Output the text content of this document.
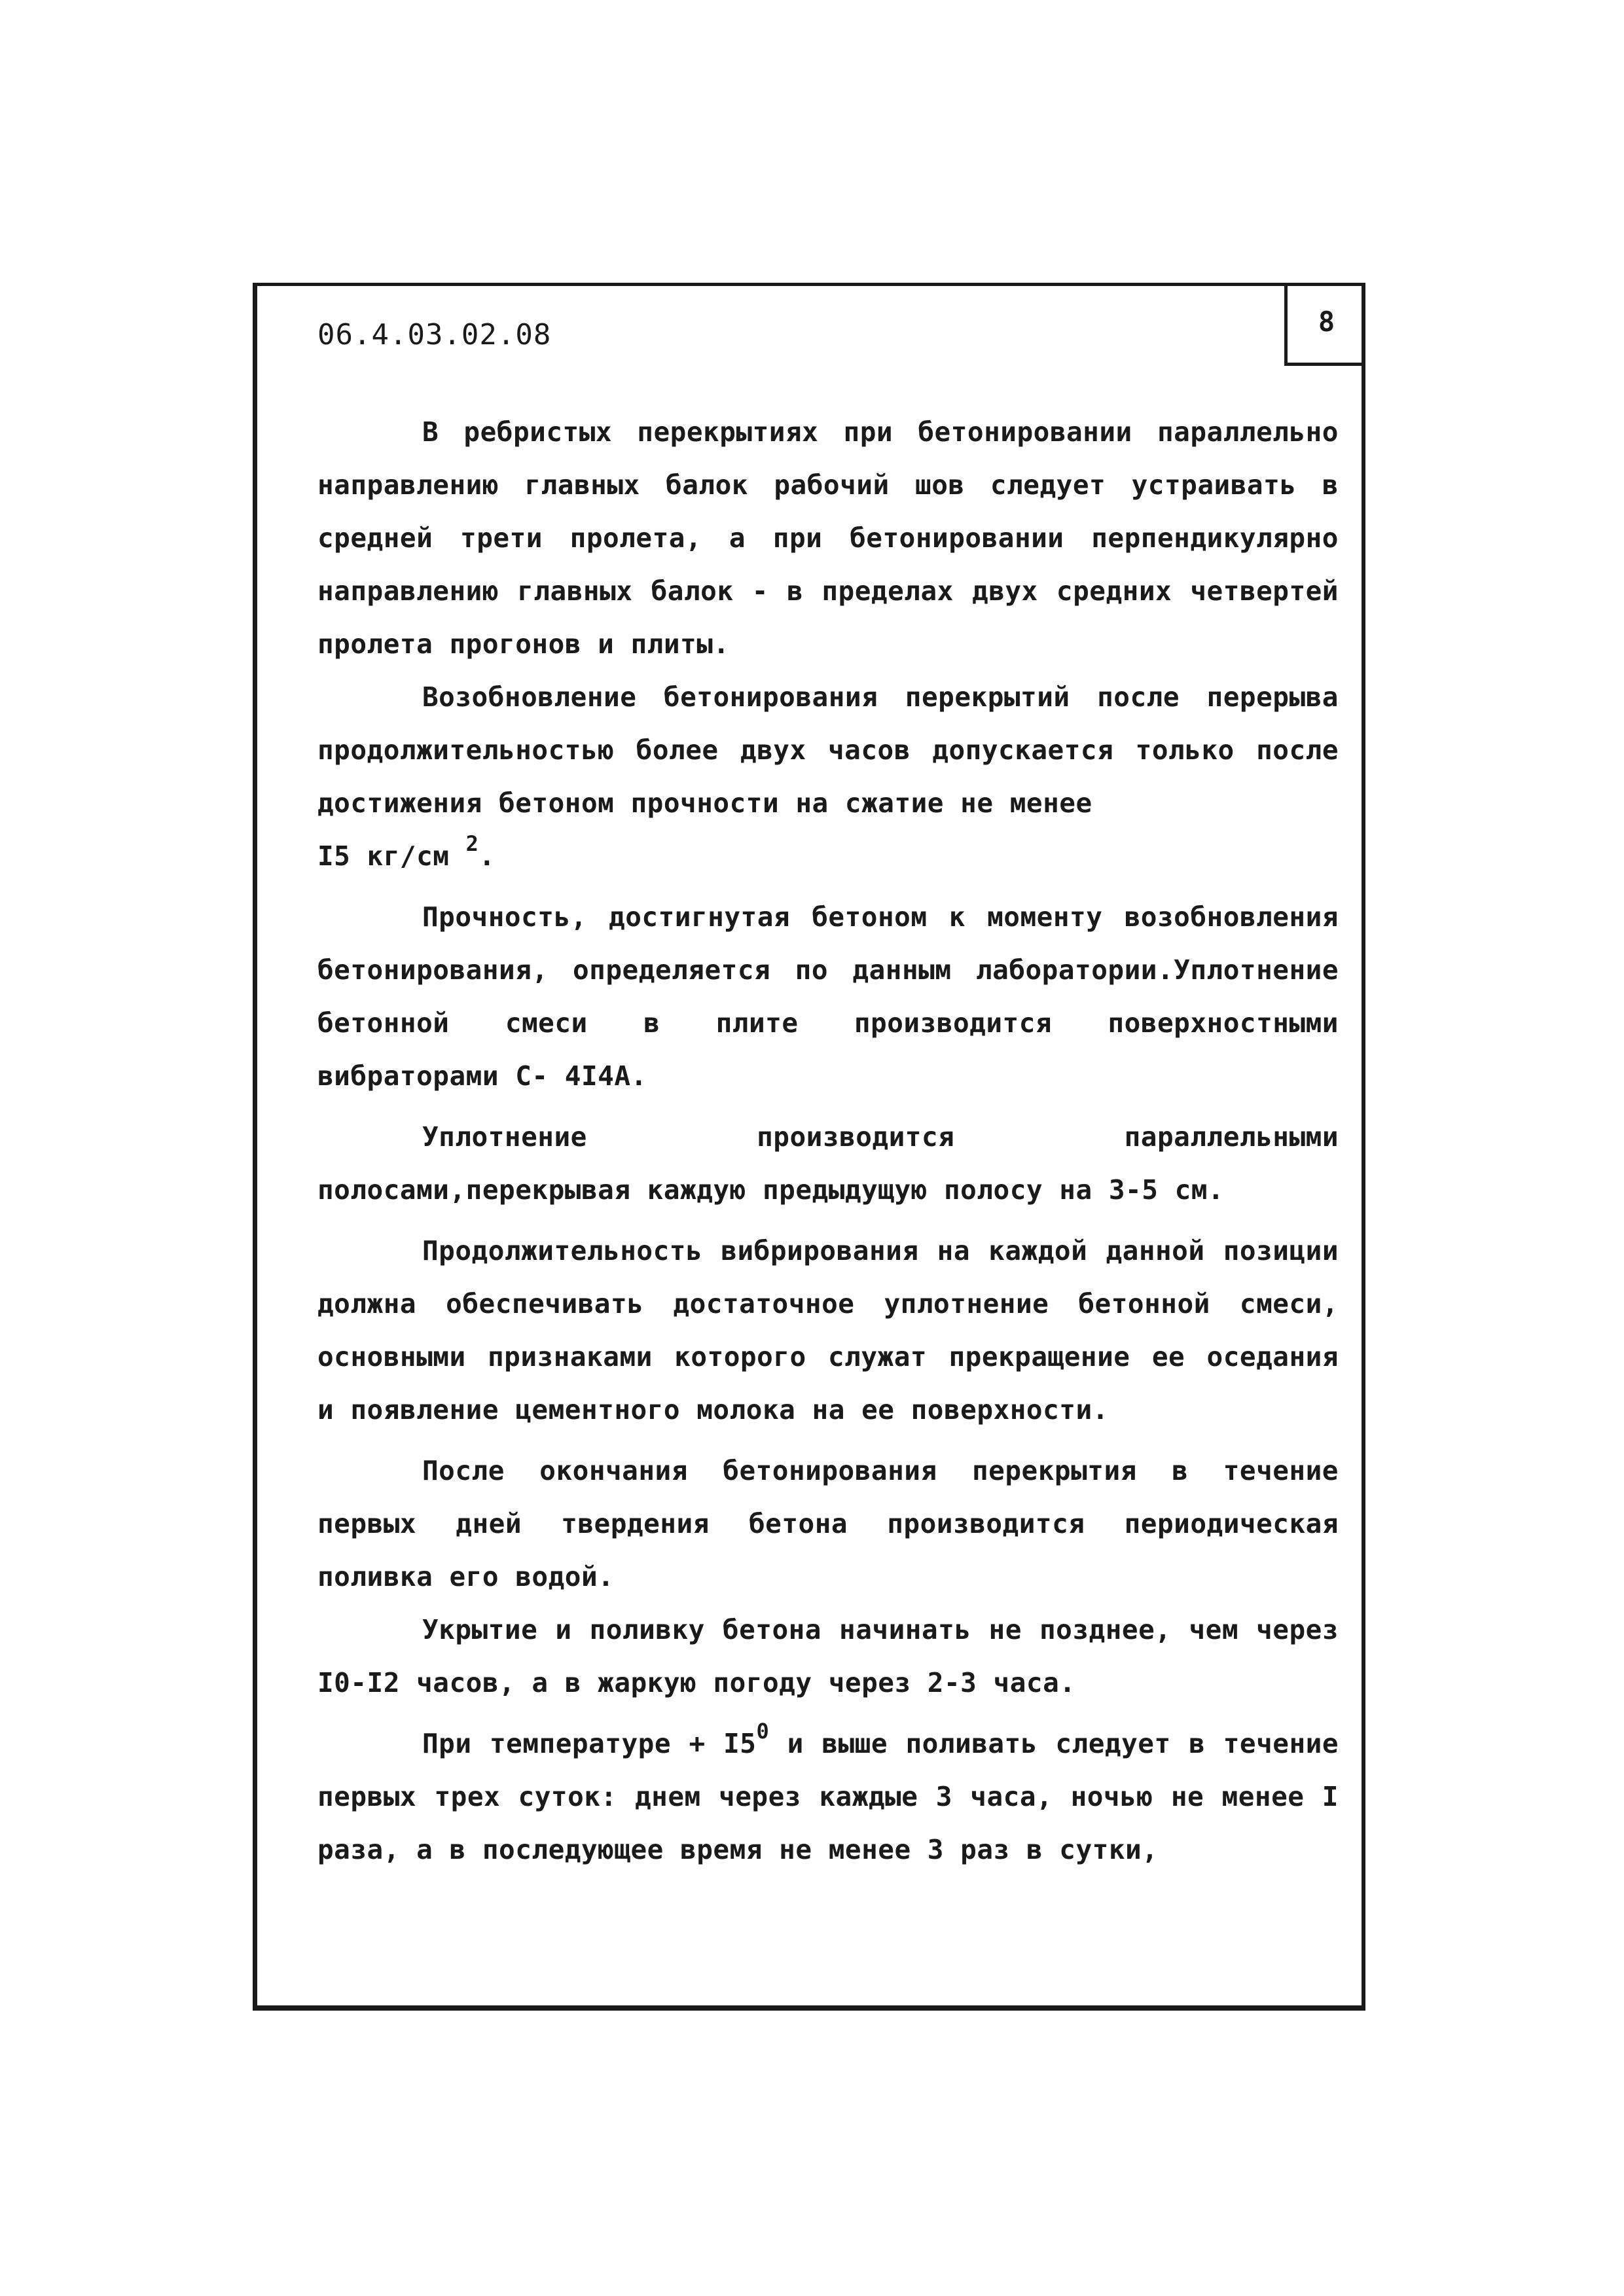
06.4.03.02.08	8

В ребристых перекрытиях при бетонировании параллельно направлению главных балок рабочий шов следует устраивать в средней трети пролета, а при бетонировании перпендикулярно направлению главных балок - в пределах двух средних четвертей пролета прогонов и плиты.

Возобновление бетонирования перекрытий после перерыва продолжительностью более двух часов допускается только после достижения бетоном прочности на сжатие не менее
I5 кг/см $^2$.

Прочность, достигнутая бетоном к моменту возобновления бетонирования, определяется по данным лаборатории.Уплотнение бетонной смеси в плите производится поверхностными вибраторами С- 4I4А.

Уплотнение производится параллельными полосами,перекрывая каждую предыдущую полосу на 3-5 см.

Продолжительность вибрирования на каждой данной позиции должна обеспечивать достаточное уплотнение бетонной смеси, основными признаками которого служат прекращение ее оседания и появление цементного молока на ее поверхности.

После окончания бетонирования перекрытия в течение первых дней твердения бетона производится периодическая поливка его водой.

Укрытие и поливку бетона начинать не позднее, чем через I0-I2 часов, а в жаркую погоду через 2-3 часа.

При температуре + $I5^0$ и выше поливать следует в течение первых трех суток: днем через каждые 3 часа, ночью не менее I раза, а в последующее время не менее 3 раз в сутки,
